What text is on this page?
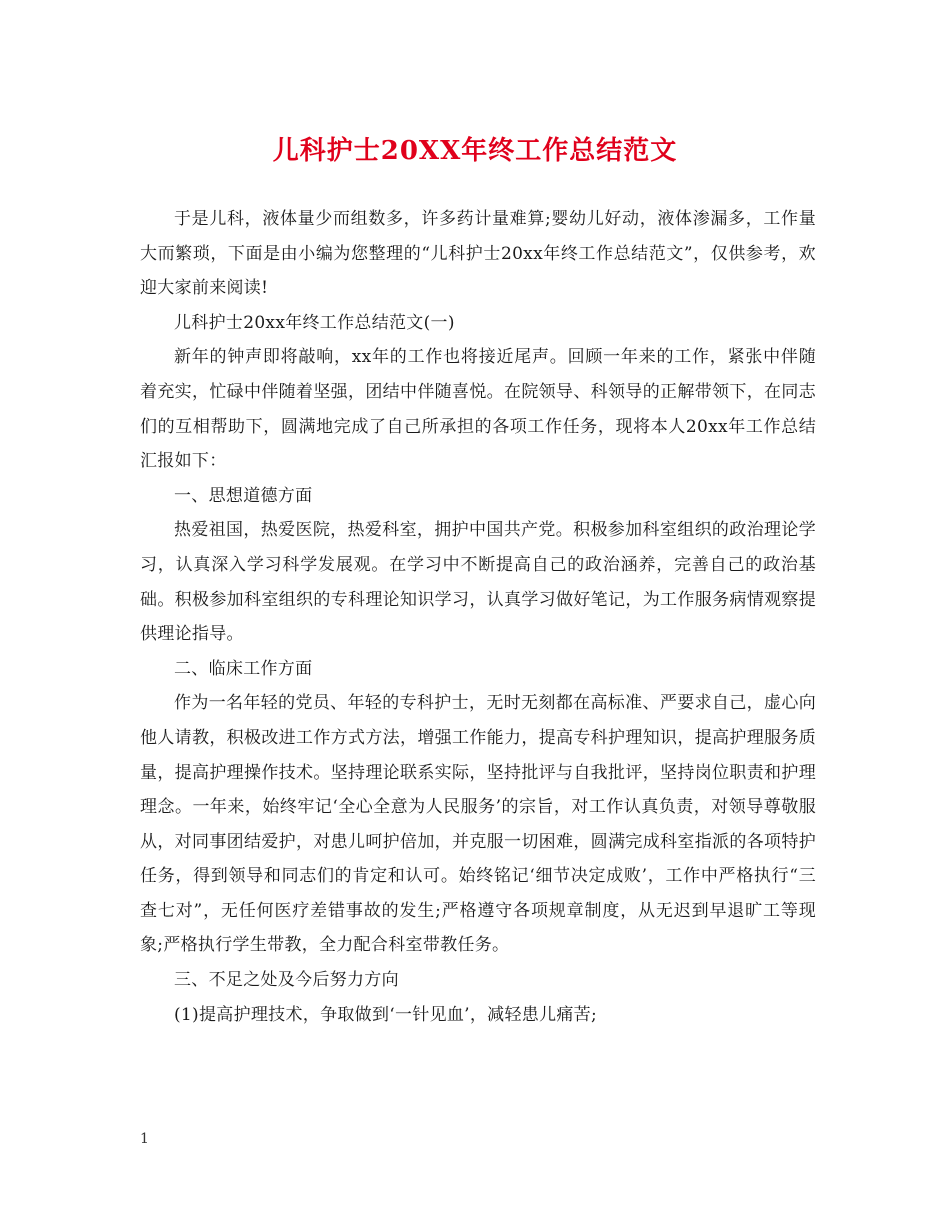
儿科护士20XX年终工作总结范文

于是儿科，液体量少而组数多，许多药计量难算;婴幼儿好动，液体渗漏多，工作量大而繁琐，下面是由小编为您整理的“儿科护士20xx年终工作总结范文”，仅供参考，欢迎大家前来阅读!

儿科护士20xx年终工作总结范文(一)

新年的钟声即将敲响，xx年的工作也将接近尾声。回顾一年来的工作，紧张中伴随着充实，忙碌中伴随着坚强，团结中伴随喜悦。在院领导、科领导的正解带领下，在同志们的互相帮助下，圆满地完成了自己所承担的各项工作任务，现将本人20xx年工作总结汇报如下：

一、思想道德方面

热爱祖国，热爱医院，热爱科室，拥护中国共产党。积极参加科室组织的政治理论学习，认真深入学习科学发展观。在学习中不断提高自己的政治涵养，完善自己的政治基础。积极参加科室组织的专科理论知识学习，认真学习做好笔记，为工作服务病情观察提供理论指导。

二、临床工作方面

作为一名年轻的党员、年轻的专科护士，无时无刻都在高标准、严要求自己，虚心向他人请教，积极改进工作方式方法，增强工作能力，提高专科护理知识，提高护理服务质量，提高护理操作技术。坚持理论联系实际，坚持批评与自我批评，坚持岗位职责和护理理念。一年来，始终牢记‘全心全意为人民服务’的宗旨，对工作认真负责，对领导尊敬服从，对同事团结爱护，对患儿呵护倍加，并克服一切困难，圆满完成科室指派的各项特护任务，得到领导和同志们的肯定和认可。始终铭记‘细节决定成败’，工作中严格执行“三查七对”，无任何医疗差错事故的发生;严格遵守各项规章制度，从无迟到早退旷工等现象;严格执行学生带教，全力配合科室带教任务。

三、不足之处及今后努力方向

(1)提高护理技术，争取做到‘一针见血’，减轻患儿痛苦;

1
